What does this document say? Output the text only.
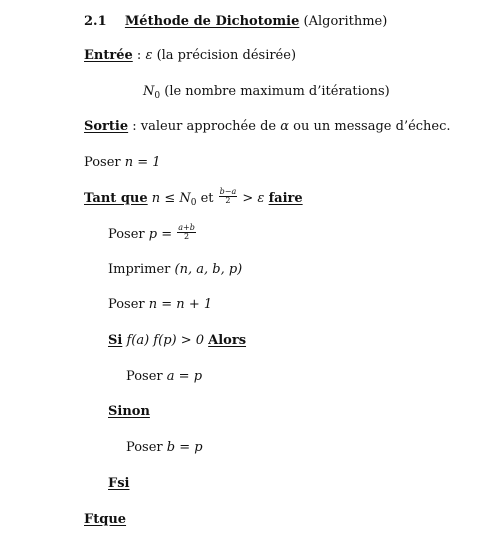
2.1 Méthode de Dichotomie (Algorithme)
Entrée : ε (la précision désirée)
$N_0$ (le nombre maximum d’itérations)
Sortie : valeur approchée de α ou un message d’échec.
Poser n = 1
Tant que $n \le N_0$ et $\frac{b-a}{2} > \varepsilon$ faire
Poser $p = \frac{a+b}{2}$
Imprimer (n, a, b, p)
Poser n = n + 1
Si f(a) f(p) > 0 Alors
Poser a = p
Sinon
Poser b = p
Fsi
Ftque
